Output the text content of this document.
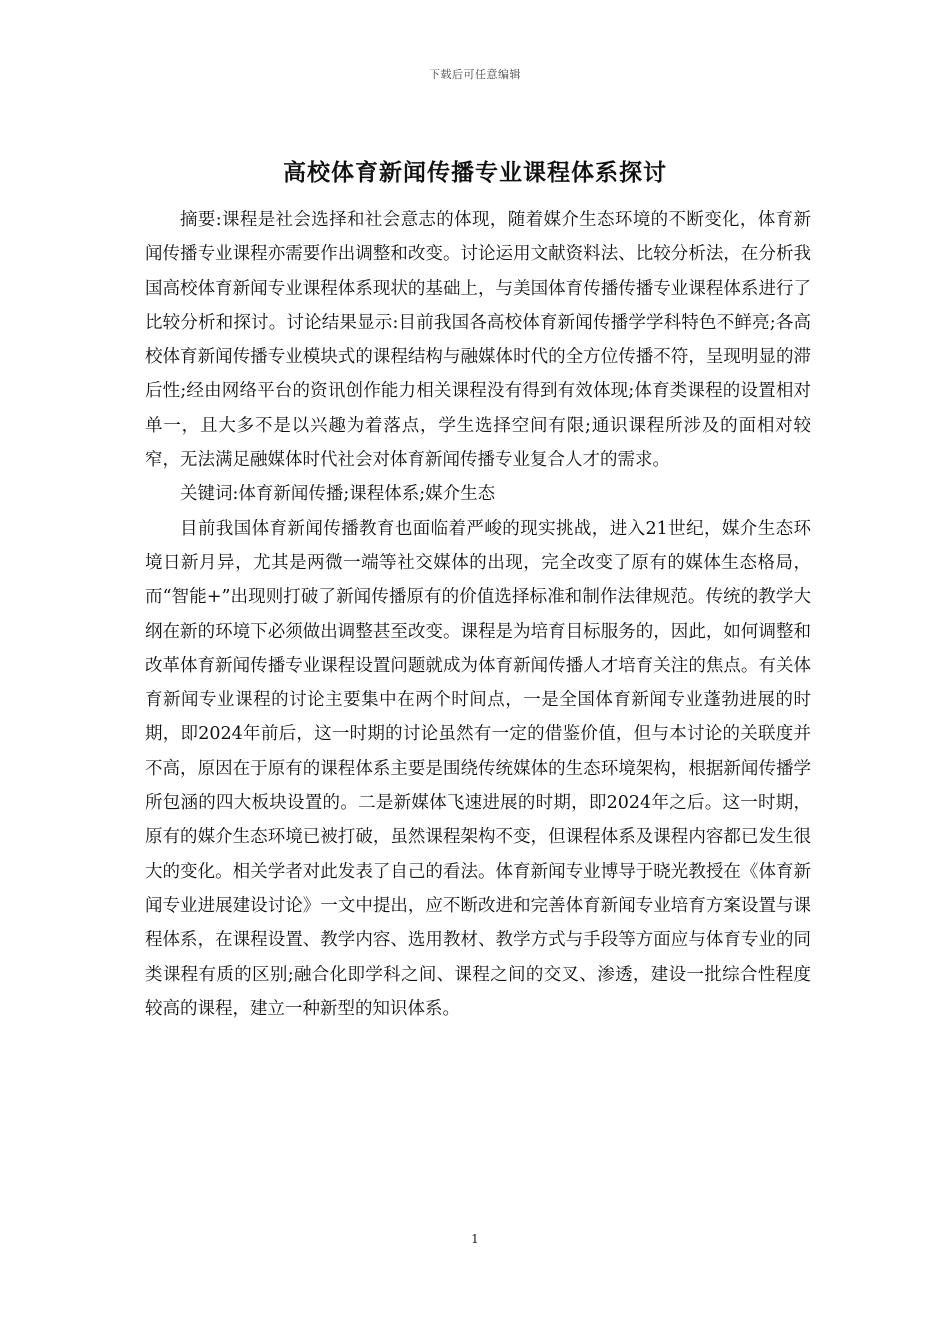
下载后可任意编辑
高校体育新闻传播专业课程体系探讨

摘要:课程是社会选择和社会意志的体现，随着媒介生态环境的不断变化，体育新闻传播专业课程亦需要作出调整和改变。讨论运用文献资料法、比较分析法，在分析我国高校体育新闻专业课程体系现状的基础上，与美国体育传播传播专业课程体系进行了比较分析和探讨。讨论结果显示:目前我国各高校体育新闻传播学学科特色不鲜亮;各高校体育新闻传播专业模块式的课程结构与融媒体时代的全方位传播不符，呈现明显的滞后性;经由网络平台的资讯创作能力相关课程没有得到有效体现;体育类课程的设置相对单一，且大多不是以兴趣为着落点，学生选择空间有限;通识课程所涉及的面相对较窄，无法满足融媒体时代社会对体育新闻传播专业复合人才的需求。

关键词:体育新闻传播;课程体系;媒介生态

目前我国体育新闻传播教育也面临着严峻的现实挑战，进入21世纪，媒介生态环境日新月异，尤其是两微一端等社交媒体的出现，完全改变了原有的媒体生态格局，而“智能+”出现则打破了新闻传播原有的价值选择标准和制作法律规范。传统的教学大纲在新的环境下必须做出调整甚至改变。课程是为培育目标服务的，因此，如何调整和改革体育新闻传播专业课程设置问题就成为体育新闻传播人才培育关注的焦点。有关体育新闻专业课程的讨论主要集中在两个时间点，一是全国体育新闻专业蓬勃进展的时期，即2024年前后，这一时期的讨论虽然有一定的借鉴价值，但与本讨论的关联度并不高，原因在于原有的课程体系主要是围绕传统媒体的生态环境架构，根据新闻传播学所包涵的四大板块设置的。二是新媒体飞速进展的时期，即2024年之后。这一时期，原有的媒介生态环境已被打破，虽然课程架构不变，但课程体系及课程内容都已发生很大的变化。相关学者对此发表了自己的看法。体育新闻专业博导于晓光教授在《体育新闻专业进展建设讨论》一文中提出，应不断改进和完善体育新闻专业培育方案设置与课程体系，在课程设置、教学内容、选用教材、教学方式与手段等方面应与体育专业的同类课程有质的区别;融合化即学科之间、课程之间的交叉、渗透，建设一批综合性程度较高的课程，建立一种新型的知识体系。

1
